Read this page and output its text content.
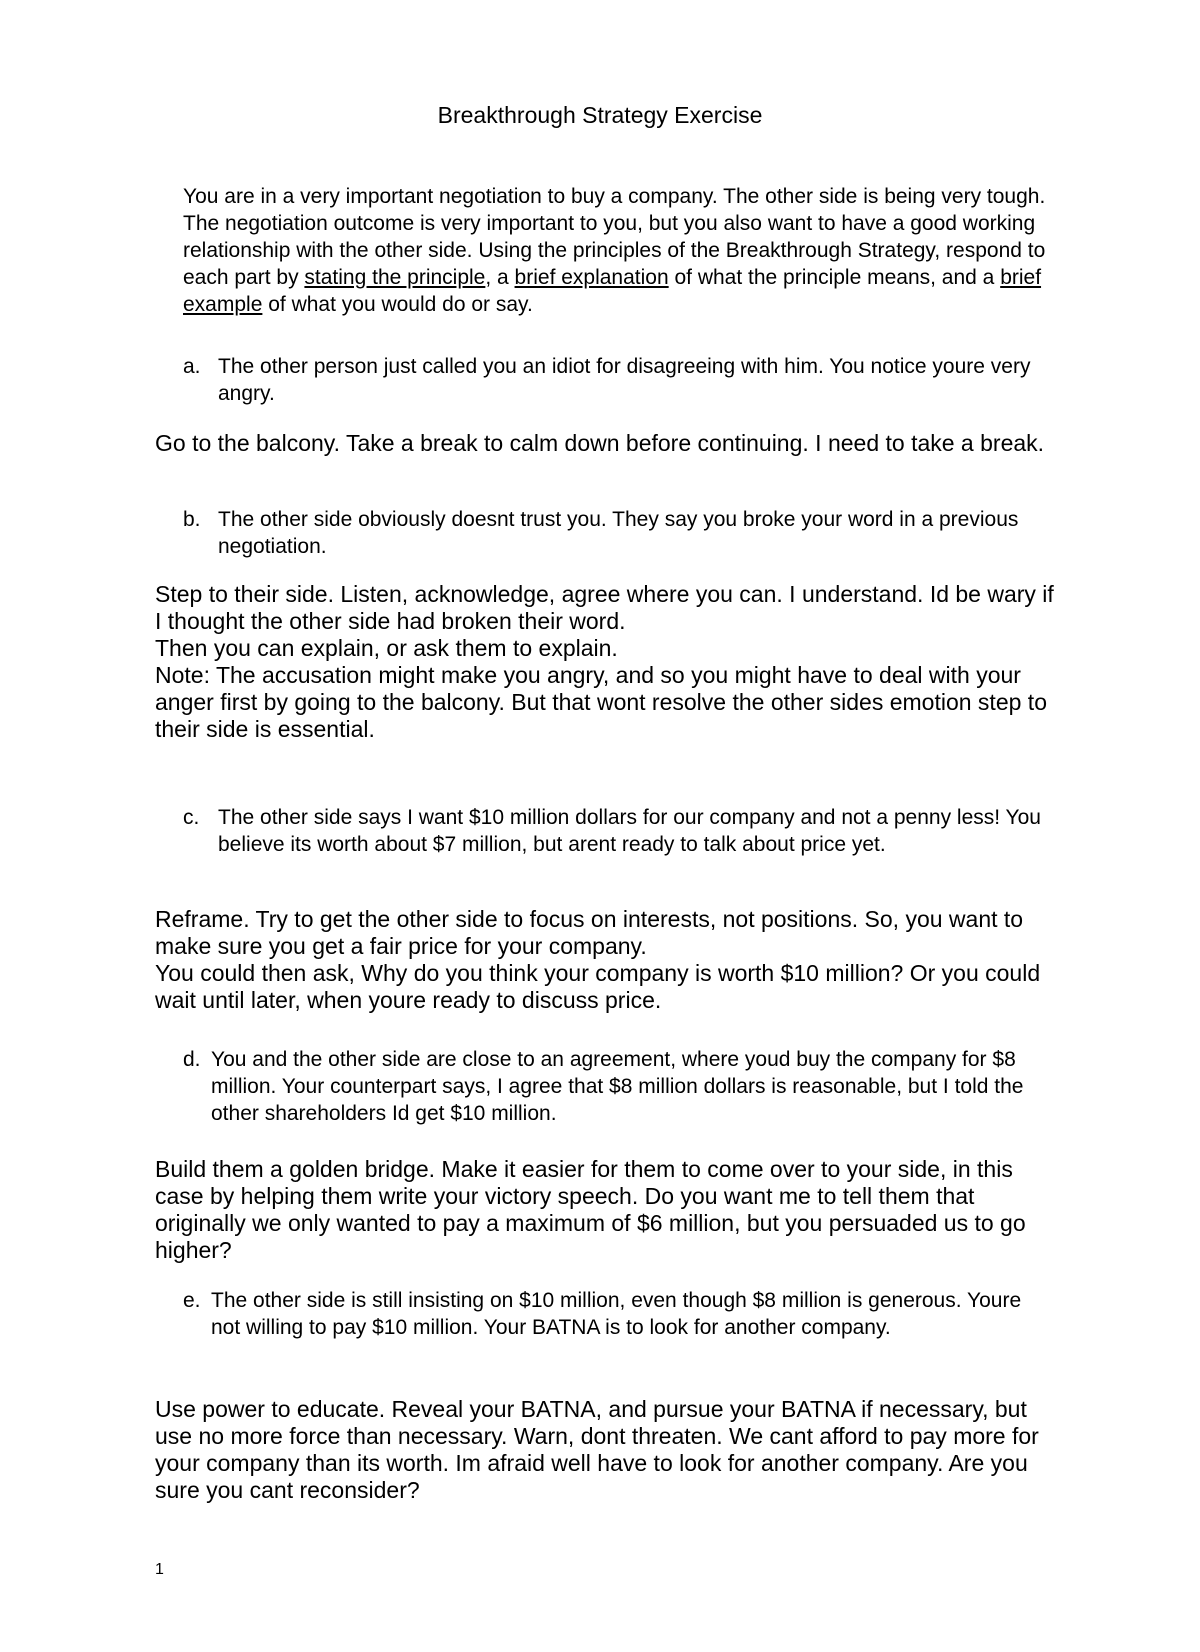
Breakthrough Strategy Exercise

You are in a very important negotiation to buy a company. The other side is being very tough. The negotiation outcome is very important to you, but you also want to have a good working relationship with the other side. Using the principles of the Breakthrough Strategy, respond to each part by stating the principle, a brief explanation of what the principle means, and a brief example of what you would do or say.

a. The other person just called you an idiot for disagreeing with him. You notice youre very angry.

Go to the balcony. Take a break to calm down before continuing. I need to take a break.

b. The other side obviously doesnt trust you. They say you broke your word in a previous negotiation.

Step to their side. Listen, acknowledge, agree where you can. I understand. Id be wary if I thought the other side had broken their word.

Then you can explain, or ask them to explain.

Note: The accusation might make you angry, and so you might have to deal with your anger first by going to the balcony. But that wont resolve the other sides emotion step to their side is essential.

c. The other side says I want $10 million dollars for our company and not a penny less! You believe its worth about $7 million, but arent ready to talk about price yet.

Reframe. Try to get the other side to focus on interests, not positions. So, you want to make sure you get a fair price for your company.

You could then ask, Why do you think your company is worth $10 million? Or you could wait until later, when youre ready to discuss price.

d. You and the other side are close to an agreement, where youd buy the company for $8 million. Your counterpart says, I agree that $8 million dollars is reasonable, but I told the other shareholders Id get $10 million.

Build them a golden bridge. Make it easier for them to come over to your side, in this case by helping them write your victory speech. Do you want me to tell them that originally we only wanted to pay a maximum of $6 million, but you persuaded us to go higher?

e. The other side is still insisting on $10 million, even though $8 million is generous. Youre not willing to pay $10 million. Your BATNA is to look for another company.

Use power to educate. Reveal your BATNA, and pursue your BATNA if necessary, but use no more force than necessary. Warn, dont threaten. We cant afford to pay more for your company than its worth. Im afraid well have to look for another company. Are you sure you cant reconsider?

1
